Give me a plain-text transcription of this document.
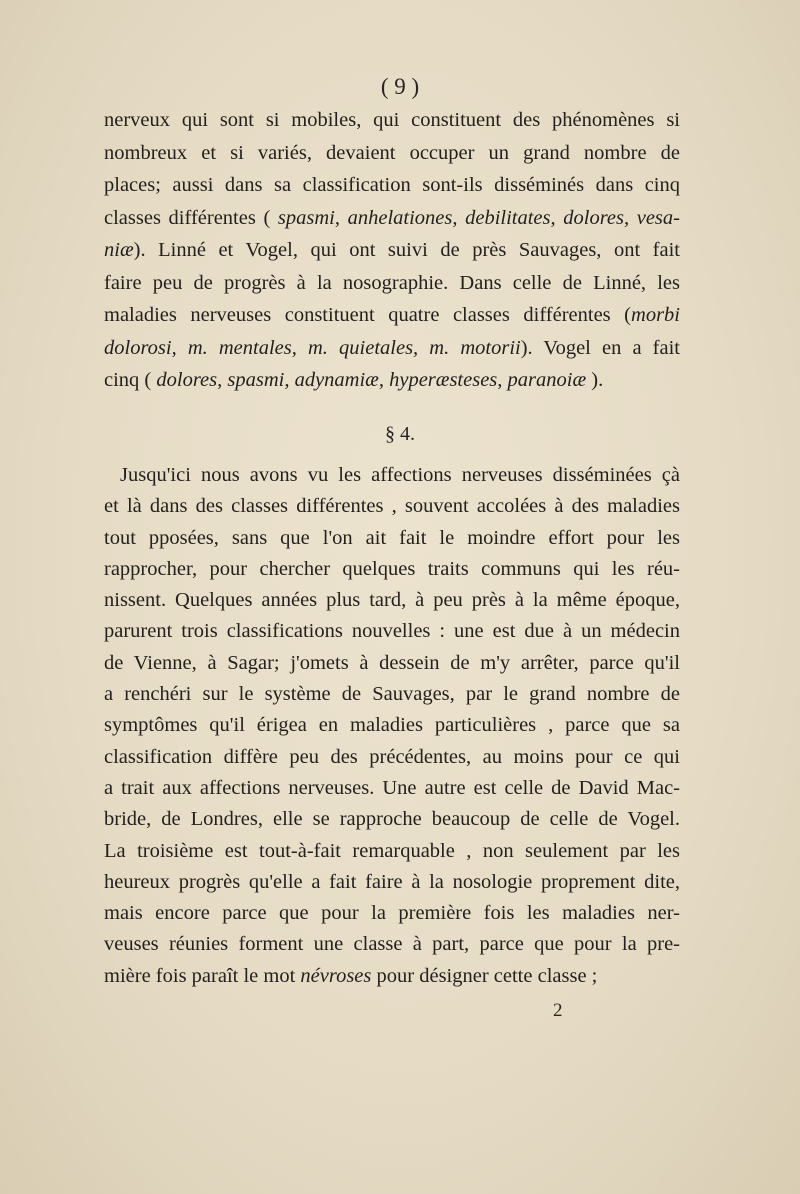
( 9 )
nerveux qui sont si mobiles, qui constituent des phénomènes si
nombreux et si variés, devaient occuper un grand nombre de
places; aussi dans sa classification sont-ils disséminés dans cinq
classes différentes ( spasmi, anhelationes, debilitates, dolores, vesa-
niæ). Linné et Vogel, qui ont suivi de près Sauvages, ont fait
faire peu de progrès à la nosographie. Dans celle de Linné, les
maladies nerveuses constituent quatre classes différentes (morbi
dolorosi, m. mentales, m. quietales, m. motorii). Vogel en a fait
cinq ( dolores, spasmi, adynamiæ, hyperæsteses, paranoiæ ).
§ 4.
Jusqu'ici nous avons vu les affections nerveuses disséminées çà
et là dans des classes différentes , souvent accolées à des maladies
tout pposées, sans que l'on ait fait le moindre effort pour les
rapprocher, pour chercher quelques traits communs qui les réu-
nissent. Quelques années plus tard, à peu près à la même époque,
parurent trois classifications nouvelles : une est due à un médecin
de Vienne, à Sagar; j'omets à dessein de m'y arrêter, parce qu'il
a renchéri sur le système de Sauvages, par le grand nombre de
symptômes qu'il érigea en maladies particulières , parce que sa
classification diffère peu des précédentes, au moins pour ce qui
a trait aux affections nerveuses. Une autre est celle de David Mac-
bride, de Londres, elle se rapproche beaucoup de celle de Vogel.
La troisième est tout-à-fait remarquable , non seulement par les
heureux progrès qu'elle a fait faire à la nosologie proprement dite,
mais encore parce que pour la première fois les maladies ner-
veuses réunies forment une classe à part, parce que pour la pre-
mière fois paraît le mot névroses pour désigner cette classe ;
2
